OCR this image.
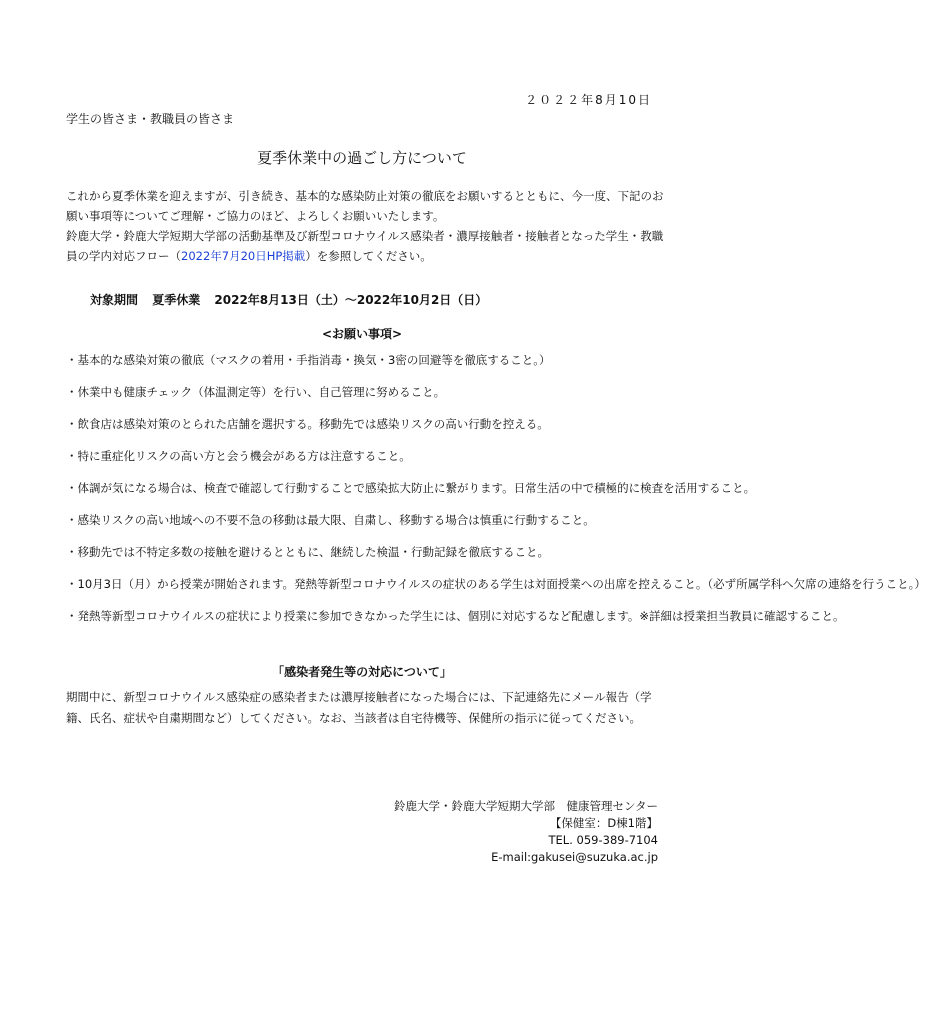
２０２２年8月10日
学生の皆さま・教職員の皆さま
夏季休業中の過ごし方について

これから夏季休業を迎えますが、引き続き、基本的な感染防止対策の徹底をお願いするとともに、今一度、下記のお願い事項等についてご理解・ご協力のほど、よろしくお願いいたします。

鈴鹿大学・鈴鹿大学短期大学部の活動基準及び新型コロナウイルス感染者・濃厚接触者・接触者となった学生・教職員の学内対応フロー（2022年7月20日HP掲載）を参照してください。

対象期間 夏季休業 2022年8月13日（土）～2022年10月2日（日）
<お願い事項>
・基本的な感染対策の徹底（マスクの着用・手指消毒・換気・3密の回避等を徹底すること。）
・休業中も健康チェック（体温測定等）を行い、自己管理に努めること。
・飲食店は感染対策のとられた店舗を選択する。移動先では感染リスクの高い行動を控える。
・特に重症化リスクの高い方と会う機会がある方は注意すること。
・体調が気になる場合は、検査で確認して行動することで感染拡大防止に繋がります。日常生活の中で積極的に検査を活用すること。
・感染リスクの高い地域への不要不急の移動は最大限、自粛し、移動する場合は慎重に行動すること。
・移動先では不特定多数の接触を避けるとともに、継続した検温・行動記録を徹底すること。
・10月3日（月）から授業が開始されます。発熱等新型コロナウイルスの症状のある学生は対面授業への出席を控えること。（必ず所属学科へ欠席の連絡を行うこと。）
・発熱等新型コロナウイルスの症状により授業に参加できなかった学生には、個別に対応するなど配慮します。※詳細は授業担当教員に確認すること。
「感染者発生等の対応について」
期間中に、新型コロナウイルス感染症の感染者または濃厚接触者になった場合には、下記連絡先にメール報告（学籍、氏名、症状や自粛期間など）してください。なお、当該者は自宅待機等、保健所の指示に従ってください。
鈴鹿大学・鈴鹿大学短期大学部　健康管理センター
【保健室：D棟1階】
TEL. 059-389-7104
E-mail:gakusei@suzuka.ac.jp
